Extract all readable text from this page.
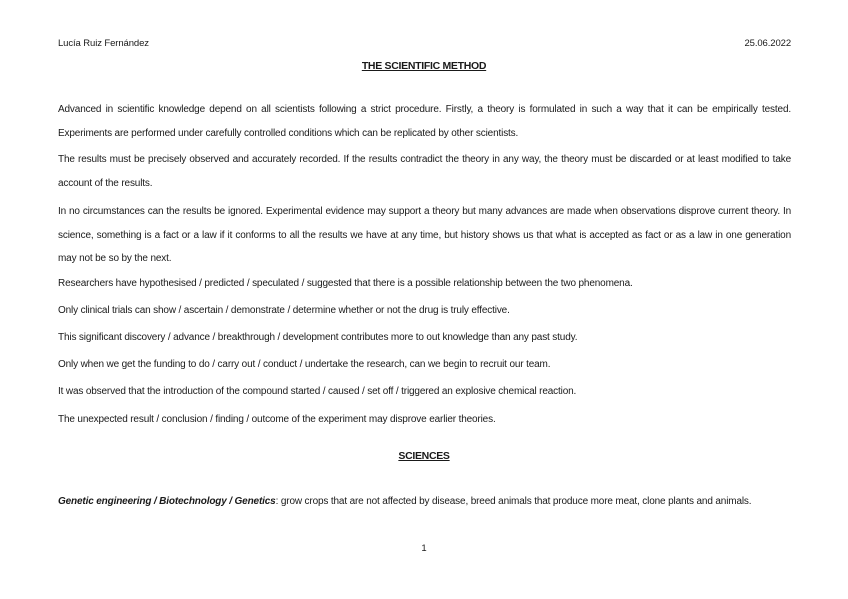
Lucía Ruiz Fernández	25.06.2022
THE SCIENTIFIC METHOD

Advanced in scientific knowledge depend on all scientists following a strict procedure. Firstly, a theory is formulated in such a way that it can be empirically tested. Experiments are performed under carefully controlled conditions which can be replicated by other scientists.

The results must be precisely observed and accurately recorded. If the results contradict the theory in any way, the theory must be discarded or at least modified to take account of the results.

In no circumstances can the results be ignored. Experimental evidence may support a theory but many advances are made when observations disprove current theory. In science, something is a fact or a law if it conforms to all the results we have at any time, but history shows us that what is accepted as fact or as a law in one generation may not be so by the next.

Researchers have hypothesised / predicted / speculated / suggested that there is a possible relationship between the two phenomena.

Only clinical trials can show / ascertain / demonstrate / determine whether or not the drug is truly effective.

This significant discovery / advance / breakthrough / development contributes more to out knowledge than any past study.

Only when we get the funding to do / carry out / conduct / undertake the research, can we begin to recruit our team.

It was observed that the introduction of the compound started / caused / set off / triggered an explosive chemical reaction.

The unexpected result / conclusion / finding / outcome of the experiment may disprove earlier theories.

SCIENCES

Genetic engineering / Biotechnology / Genetics: grow crops that are not affected by disease, breed animals that produce more meat, clone plants and animals.

1
